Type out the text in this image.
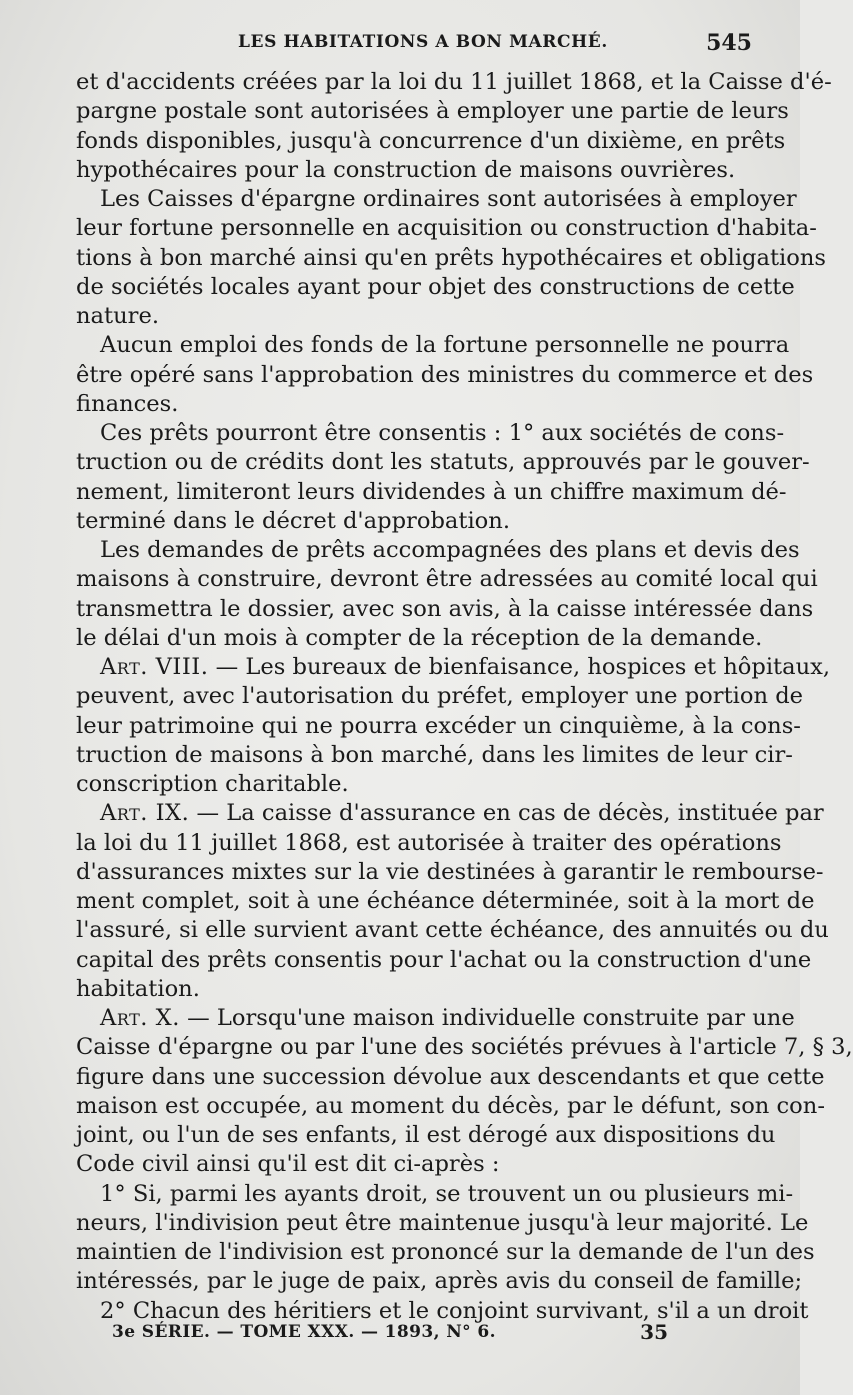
LES HABITATIONS A BON MARCHÉ.	545
et d'accidents créées par la loi du 11 juillet 1868, et la Caisse d'é-
pargne postale sont autorisées à employer une partie de leurs
fonds disponibles, jusqu'à concurrence d'un dixième, en prêts
hypothécaires pour la construction de maisons ouvrières.
Les Caisses d'épargne ordinaires sont autorisées à employer
leur fortune personnelle en acquisition ou construction d'habita-
tions à bon marché ainsi qu'en prêts hypothécaires et obligations
de sociétés locales ayant pour objet des constructions de cette
nature.
Aucun emploi des fonds de la fortune personnelle ne pourra
être opéré sans l'approbation des ministres du commerce et des
finances.
Ces prêts pourront être consentis : 1° aux sociétés de cons-
truction ou de crédits dont les statuts, approuvés par le gouver-
nement, limiteront leurs dividendes à un chiffre maximum dé-
terminé dans le décret d'approbation.
Les demandes de prêts accompagnées des plans et devis des
maisons à construire, devront être adressées au comité local qui
transmettra le dossier, avec son avis, à la caisse intéressée dans
le délai d'un mois à compter de la réception de la demande.
Art. VIII. — Les bureaux de bienfaisance, hospices et hôpitaux,
peuvent, avec l'autorisation du préfet, employer une portion de
leur patrimoine qui ne pourra excéder un cinquième, à la cons-
truction de maisons à bon marché, dans les limites de leur cir-
conscription charitable.
Art. IX. — La caisse d'assurance en cas de décès, instituée par
la loi du 11 juillet 1868, est autorisée à traiter des opérations
d'assurances mixtes sur la vie destinées à garantir le rembourse-
ment complet, soit à une échéance déterminée, soit à la mort de
l'assuré, si elle survient avant cette échéance, des annuités ou du
capital des prêts consentis pour l'achat ou la construction d'une
habitation.
Art. X. — Lorsqu'une maison individuelle construite par une
Caisse d'épargne ou par l'une des sociétés prévues à l'article 7, § 3,
figure dans une succession dévolue aux descendants et que cette
maison est occupée, au moment du décès, par le défunt, son con-
joint, ou l'un de ses enfants, il est dérogé aux dispositions du
Code civil ainsi qu'il est dit ci-après :
1° Si, parmi les ayants droit, se trouvent un ou plusieurs mi-
neurs, l'indivision peut être maintenue jusqu'à leur majorité. Le
maintien de l'indivision est prononcé sur la demande de l'un des
intéressés, par le juge de paix, après avis du conseil de famille;
2° Chacun des héritiers et le conjoint survivant, s'il a un droit
3e SÉRIE. — TOME XXX. — 1893, N° 6.	35
